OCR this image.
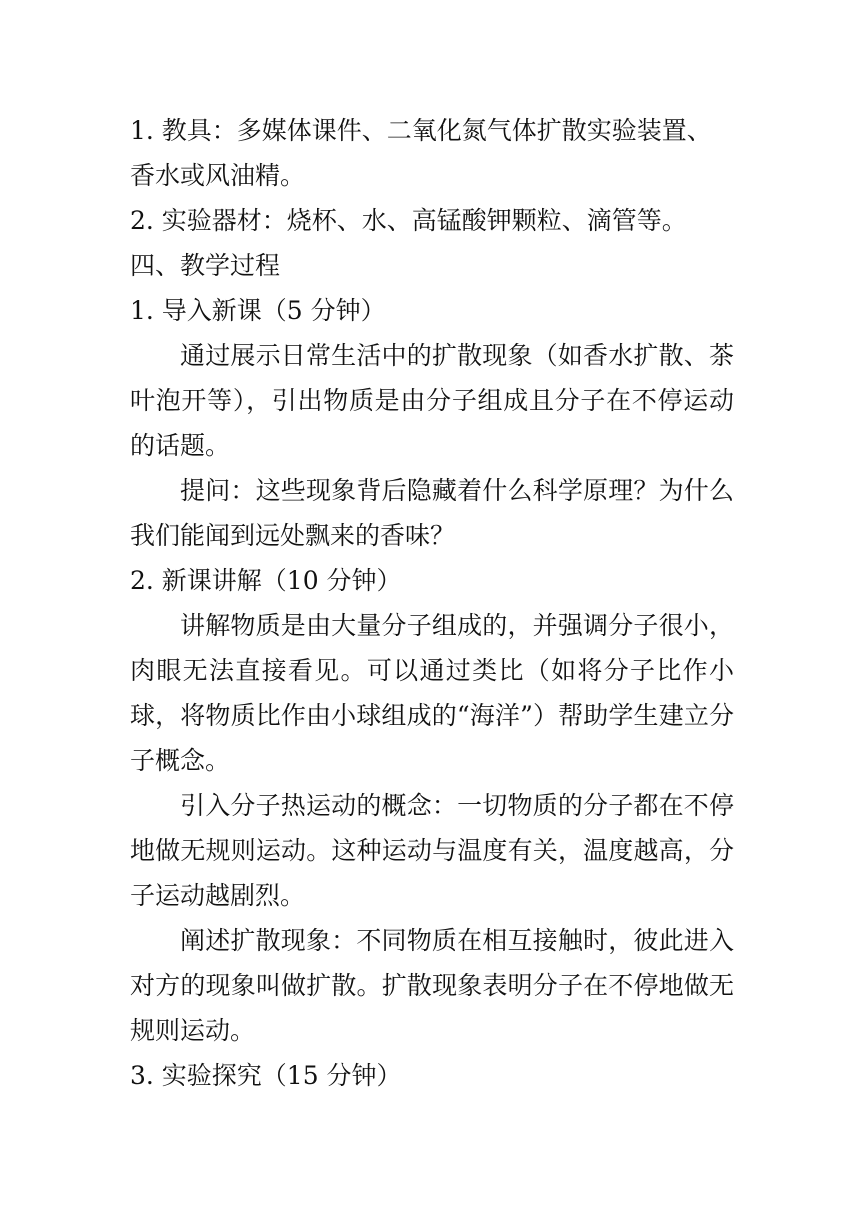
1. 教具：多媒体课件、二氧化氮气体扩散实验装置、香水或风油精。
2. 实验器材：烧杯、水、高锰酸钾颗粒、滴管等。
四、教学过程
1. 导入新课（5 分钟）
通过展示日常生活中的扩散现象（如香水扩散、茶叶泡开等），引出物质是由分子组成且分子在不停运动的话题。
提问：这些现象背后隐藏着什么科学原理？为什么我们能闻到远处飘来的香味？
2. 新课讲解（10 分钟）
讲解物质是由大量分子组成的，并强调分子很小，肉眼无法直接看见。可以通过类比（如将分子比作小球，将物质比作由小球组成的“海洋”）帮助学生建立分子概念。
引入分子热运动的概念：一切物质的分子都在不停地做无规则运动。这种运动与温度有关，温度越高，分子运动越剧烈。
阐述扩散现象：不同物质在相互接触时，彼此进入对方的现象叫做扩散。扩散现象表明分子在不停地做无规则运动。
3. 实验探究（15 分钟）
